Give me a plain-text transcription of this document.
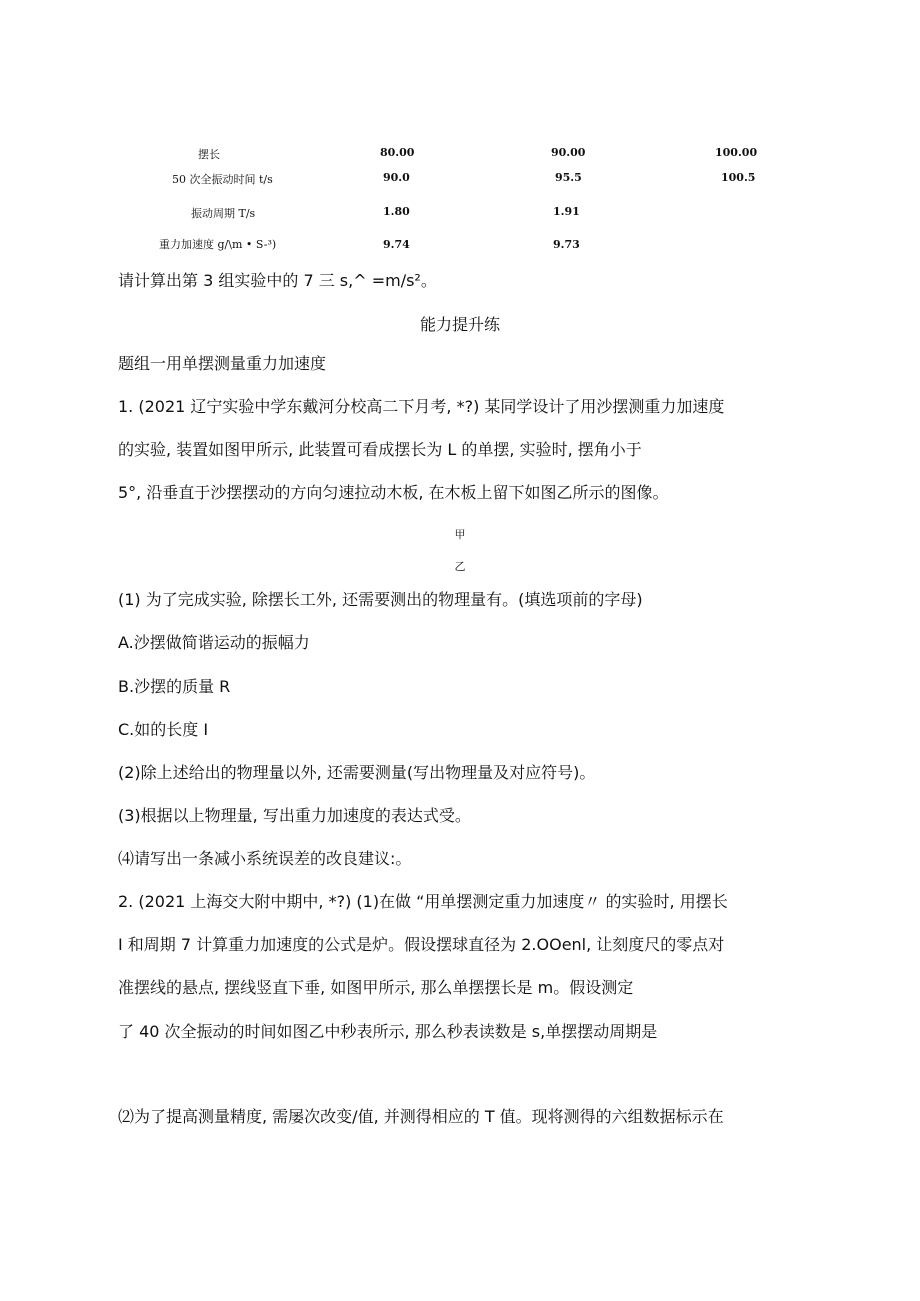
摆长	80.00	90.00	100.00
50 次全振动时间 t/s	90.0	95.5	100.5
振动周期 T/s	1.80	1.91
重力加速度 g/\m • S-³)	9.74	9.73
请计算出第 3 组实验中的 7 三 s,^ =m∕s²。
能力提升练
题组一用单摆测量重力加速度
1. (2021 辽宁实验中学东戴河分校高二下月考, *?) 某同学设计了用沙摆测重力加速度
的实验, 装置如图甲所示, 此装置可看成摆长为 L 的单摆, 实验时, 摆角小于
5°, 沿垂直于沙摆摆动的方向匀速拉动木板, 在木板上留下如图乙所示的图像。
甲
乙
(1) 为了完成实验, 除摆长工外, 还需要测出的物理量有。(填选项前的字母)
A.沙摆做简谐运动的振幅力
B.沙摆的质量 R
C.如的长度 I
(2)除上述给出的物理量以外, 还需要测量(写出物理量及对应符号)。
(3)根据以上物理量, 写出重力加速度的表达式受。
⑷请写出一条减小系统误差的改良建议:。
2. (2021 上海交大附中期中, *?) (1)在做 “用单摆测定重力加速度〃 的实验时, 用摆长
I 和周期 7 计算重力加速度的公式是炉。假设摆球直径为 2.OOenl, 让刻度尺的零点对
准摆线的悬点, 摆线竖直下垂, 如图甲所示, 那么单摆摆长是 m。假设测定
了 40 次全振动的时间如图乙中秒表所示, 那么秒表读数是 s,单摆摆动周期是
⑵为了提高测量精度, 需屡次改变/值, 并测得相应的 T 值。现将测得的六组数据标示在
